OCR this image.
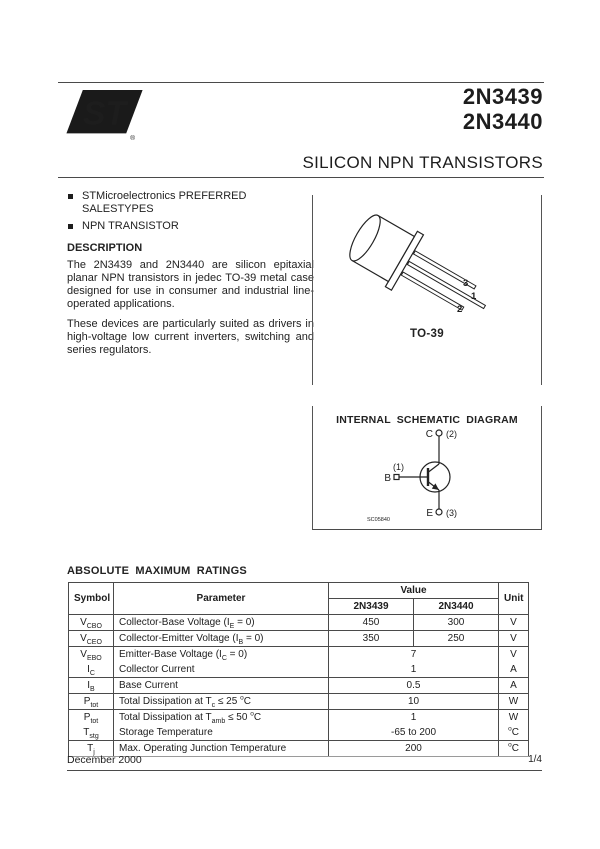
ST
®
2N3439
2N3440
SILICON NPN TRANSISTORS
STMicroelectronics PREFERRED SALESTYPES
NPN TRANSISTOR
DESCRIPTION

The 2N3439 and 2N3440 are silicon epitaxial planar NPN transistors in jedec TO-39 metal case designed for use in consumer and industrial line-operated applications.

These devices are particularly suited as drivers in high-voltage low current inverters, switching and series regulators.

3
1
2
TO-39
INTERNAL SCHEMATIC DIAGRAM
C (2)
B
(1)
E (3)
SC05840
ABSOLUTE MAXIMUM RATINGS
Symbol	Parameter	Value		Unit
		2N3439	2N3440	
$V_{CBO}$	Collector-Base Voltage $(I_E = 0)$	450	300	V
$V_{CEO}$	Collector-Emitter Voltage $(I_B = 0)$	350	250	V
$V_{EBO}$	Emitter-Base Voltage $(I_C = 0)$	7		V
$I_C$	Collector Current	1		A
$I_B$	Base Current	0.5		A
$P_{tot}$	Total Dissipation at $T_c \le 25$ $^o$C	10		W
$P_{tot}$	Total Dissipation at $T_{amb} \le 50$ $^o$C	1		W
$T_{stg}$	Storage Temperature	-65 to 200		$^o$C
$T_j$	Max. Operating Junction Temperature	200		$^o$C
December 2000	1/4
